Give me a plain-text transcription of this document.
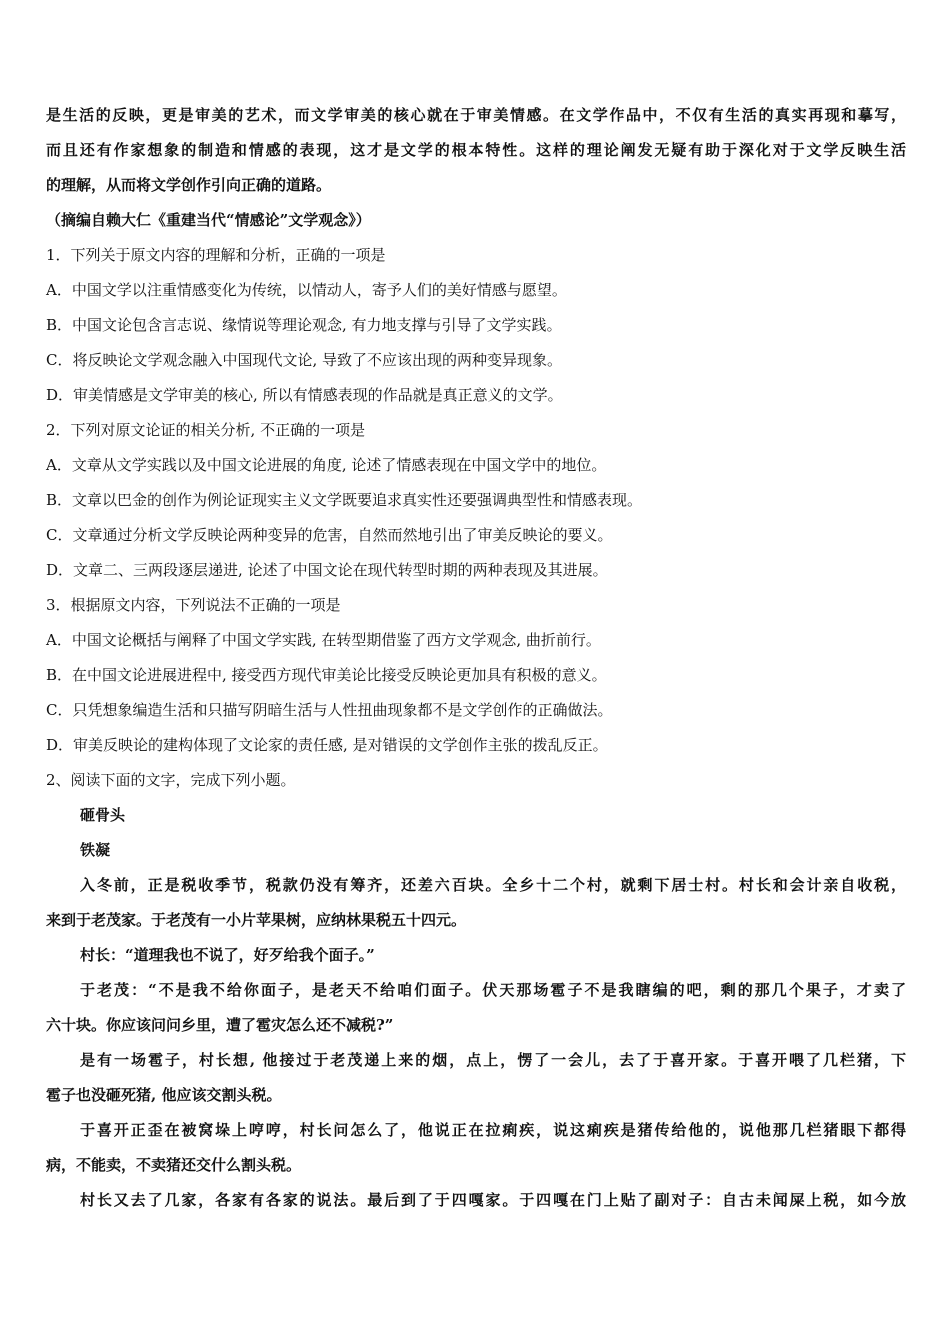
是生活的反映，更是审美的艺术，而文学审美的核心就在于审美情感。在文学作品中，不仅有生活的真实再现和摹写，
而且还有作家想象的制造和情感的表现，这才是文学的根本特性。这样的理论阐发无疑有助于深化对于文学反映生活
的理解，从而将文学创作引向正确的道路。
（摘编自赖大仁《重建当代“情感论”文学观念》）
1．下列关于原文内容的理解和分析，正确的一项是
A．中国文学以注重情感变化为传统，以情动人，寄予人们的美好情感与愿望。
B．中国文论包含言志说、缘情说等理论观念, 有力地支撑与引导了文学实践。
C．将反映论文学观念融入中国现代文论, 导致了不应该出现的两种变异现象。
D．审美情感是文学审美的核心, 所以有情感表现的作品就是真正意义的文学。
2．下列对原文论证的相关分析, 不正确的一项是
A．文章从文学实践以及中国文论进展的角度, 论述了情感表现在中国文学中的地位。
B．文章以巴金的创作为例论证现实主义文学既要追求真实性还要强调典型性和情感表现。
C．文章通过分析文学反映论两种变异的危害，自然而然地引出了审美反映论的要义。
D．文章二、三两段逐层递进, 论述了中国文论在现代转型时期的两种表现及其进展。
3．根据原文内容，下列说法不正确的一项是
A．中国文论概括与阐释了中国文学实践, 在转型期借鉴了西方文学观念, 曲折前行。
B．在中国文论进展进程中, 接受西方现代审美论比接受反映论更加具有积极的意义。
C．只凭想象编造生活和只描写阴暗生活与人性扭曲现象都不是文学创作的正确做法。
D．审美反映论的建构体现了文论家的责任感, 是对错误的文学创作主张的拨乱反正。
2、阅读下面的文字，完成下列小题。
砸骨头
铁凝
入冬前，正是税收季节，税款仍没有筹齐，还差六百块。全乡十二个村，就剩下居士村。村长和会计亲自收税，
来到于老茂家。于老茂有一小片苹果树，应纳林果税五十四元。
村长：“道理我也不说了，好歹给我个面子。”
于老茂：“不是我不给你面子，是老天不给咱们面子。伏天那场雹子不是我瞎编的吧，剩的那几个果子，才卖了
六十块。你应该问问乡里，遭了雹灾怎么还不减税?”
是有一场雹子，村长想, 他接过于老茂递上来的烟，点上，愣了一会儿，去了于喜开家。于喜开喂了几栏猪，下
雹子也没砸死猪, 他应该交割头税。
于喜开正歪在被窝垛上哼哼，村长问怎么了，他说正在拉痢疾，说这痢疾是猪传给他的，说他那几栏猪眼下都得
病，不能卖，不卖猪还交什么割头税。
村长又去了几家，各家有各家的说法。最后到了于四嘎家。于四嘎在门上贴了副对子：自古未闻屎上税，如今放
